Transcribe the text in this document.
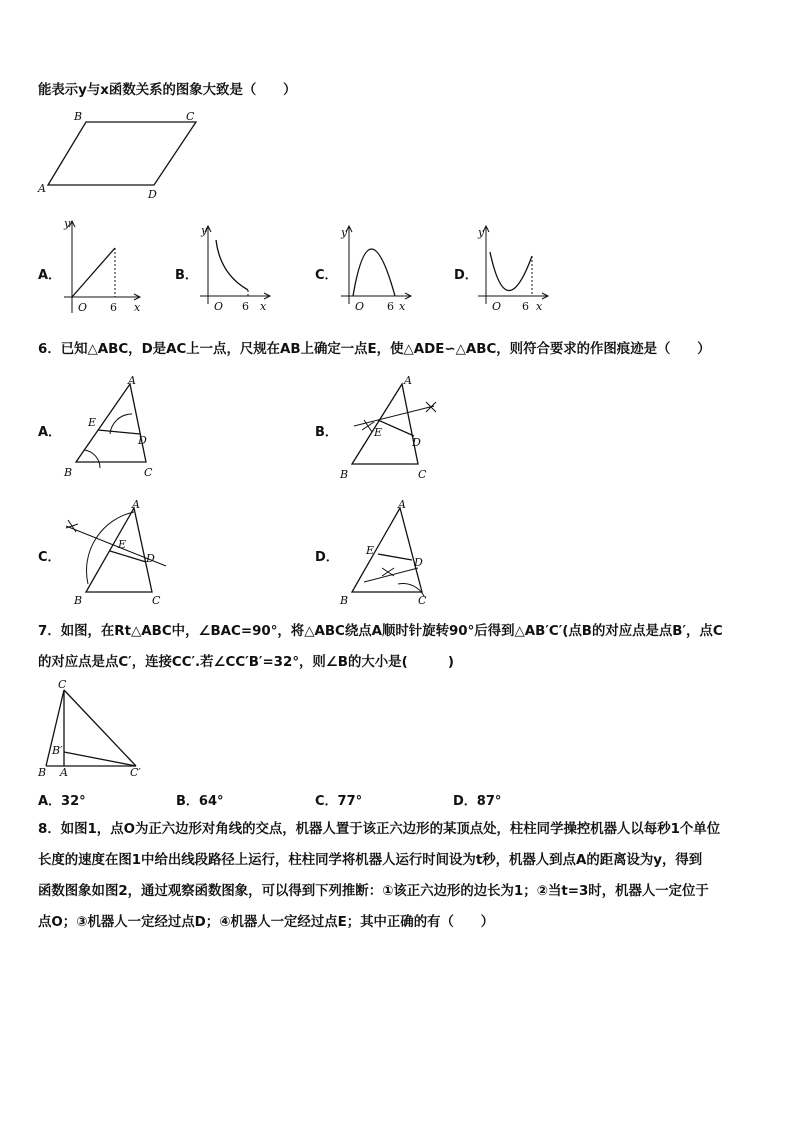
能表示y与x函数关系的图象大致是（　　）
B	C
A	D
A．
y
O 6 x
B．
y
O 6 x
C．
y
O 6 x
D．
y
O 6 x
6．已知△ABC，D是AC上一点，尺规在AB上确定一点E，使△ADE∽△ABC，则符合要求的作图痕迹是（　　）
A．
A
E
D
B	C
B．
A
E
D
B	C
C．
A
E
D
B	C
D．
A
E
D
B	C
7．如图，在Rt△ABC中，∠BAC=90°，将△ABC绕点A顺时针旋转90°后得到△AB′C′(点B的对应点是点B′，点C
的对应点是点C′，连接CC′.若∠CC′B′=32°，则∠B的大小是(　　　)
C
B′
B A	C′
A．32°	B．64°	C．77°	D．87°
8．如图1，点O为正六边形对角线的交点，机器人置于该正六边形的某顶点处，柱柱同学操控机器人以每秒1个单位
长度的速度在图1中给出线段路径上运行，柱柱同学将机器人运行时间设为t秒，机器人到点A的距离设为y，得到
函数图象如图2，通过观察函数图象，可以得到下列推断：①该正六边形的边长为1；②当t=3时，机器人一定位于
点O；③机器人一定经过点D；④机器人一定经过点E；其中正确的有（　　）
